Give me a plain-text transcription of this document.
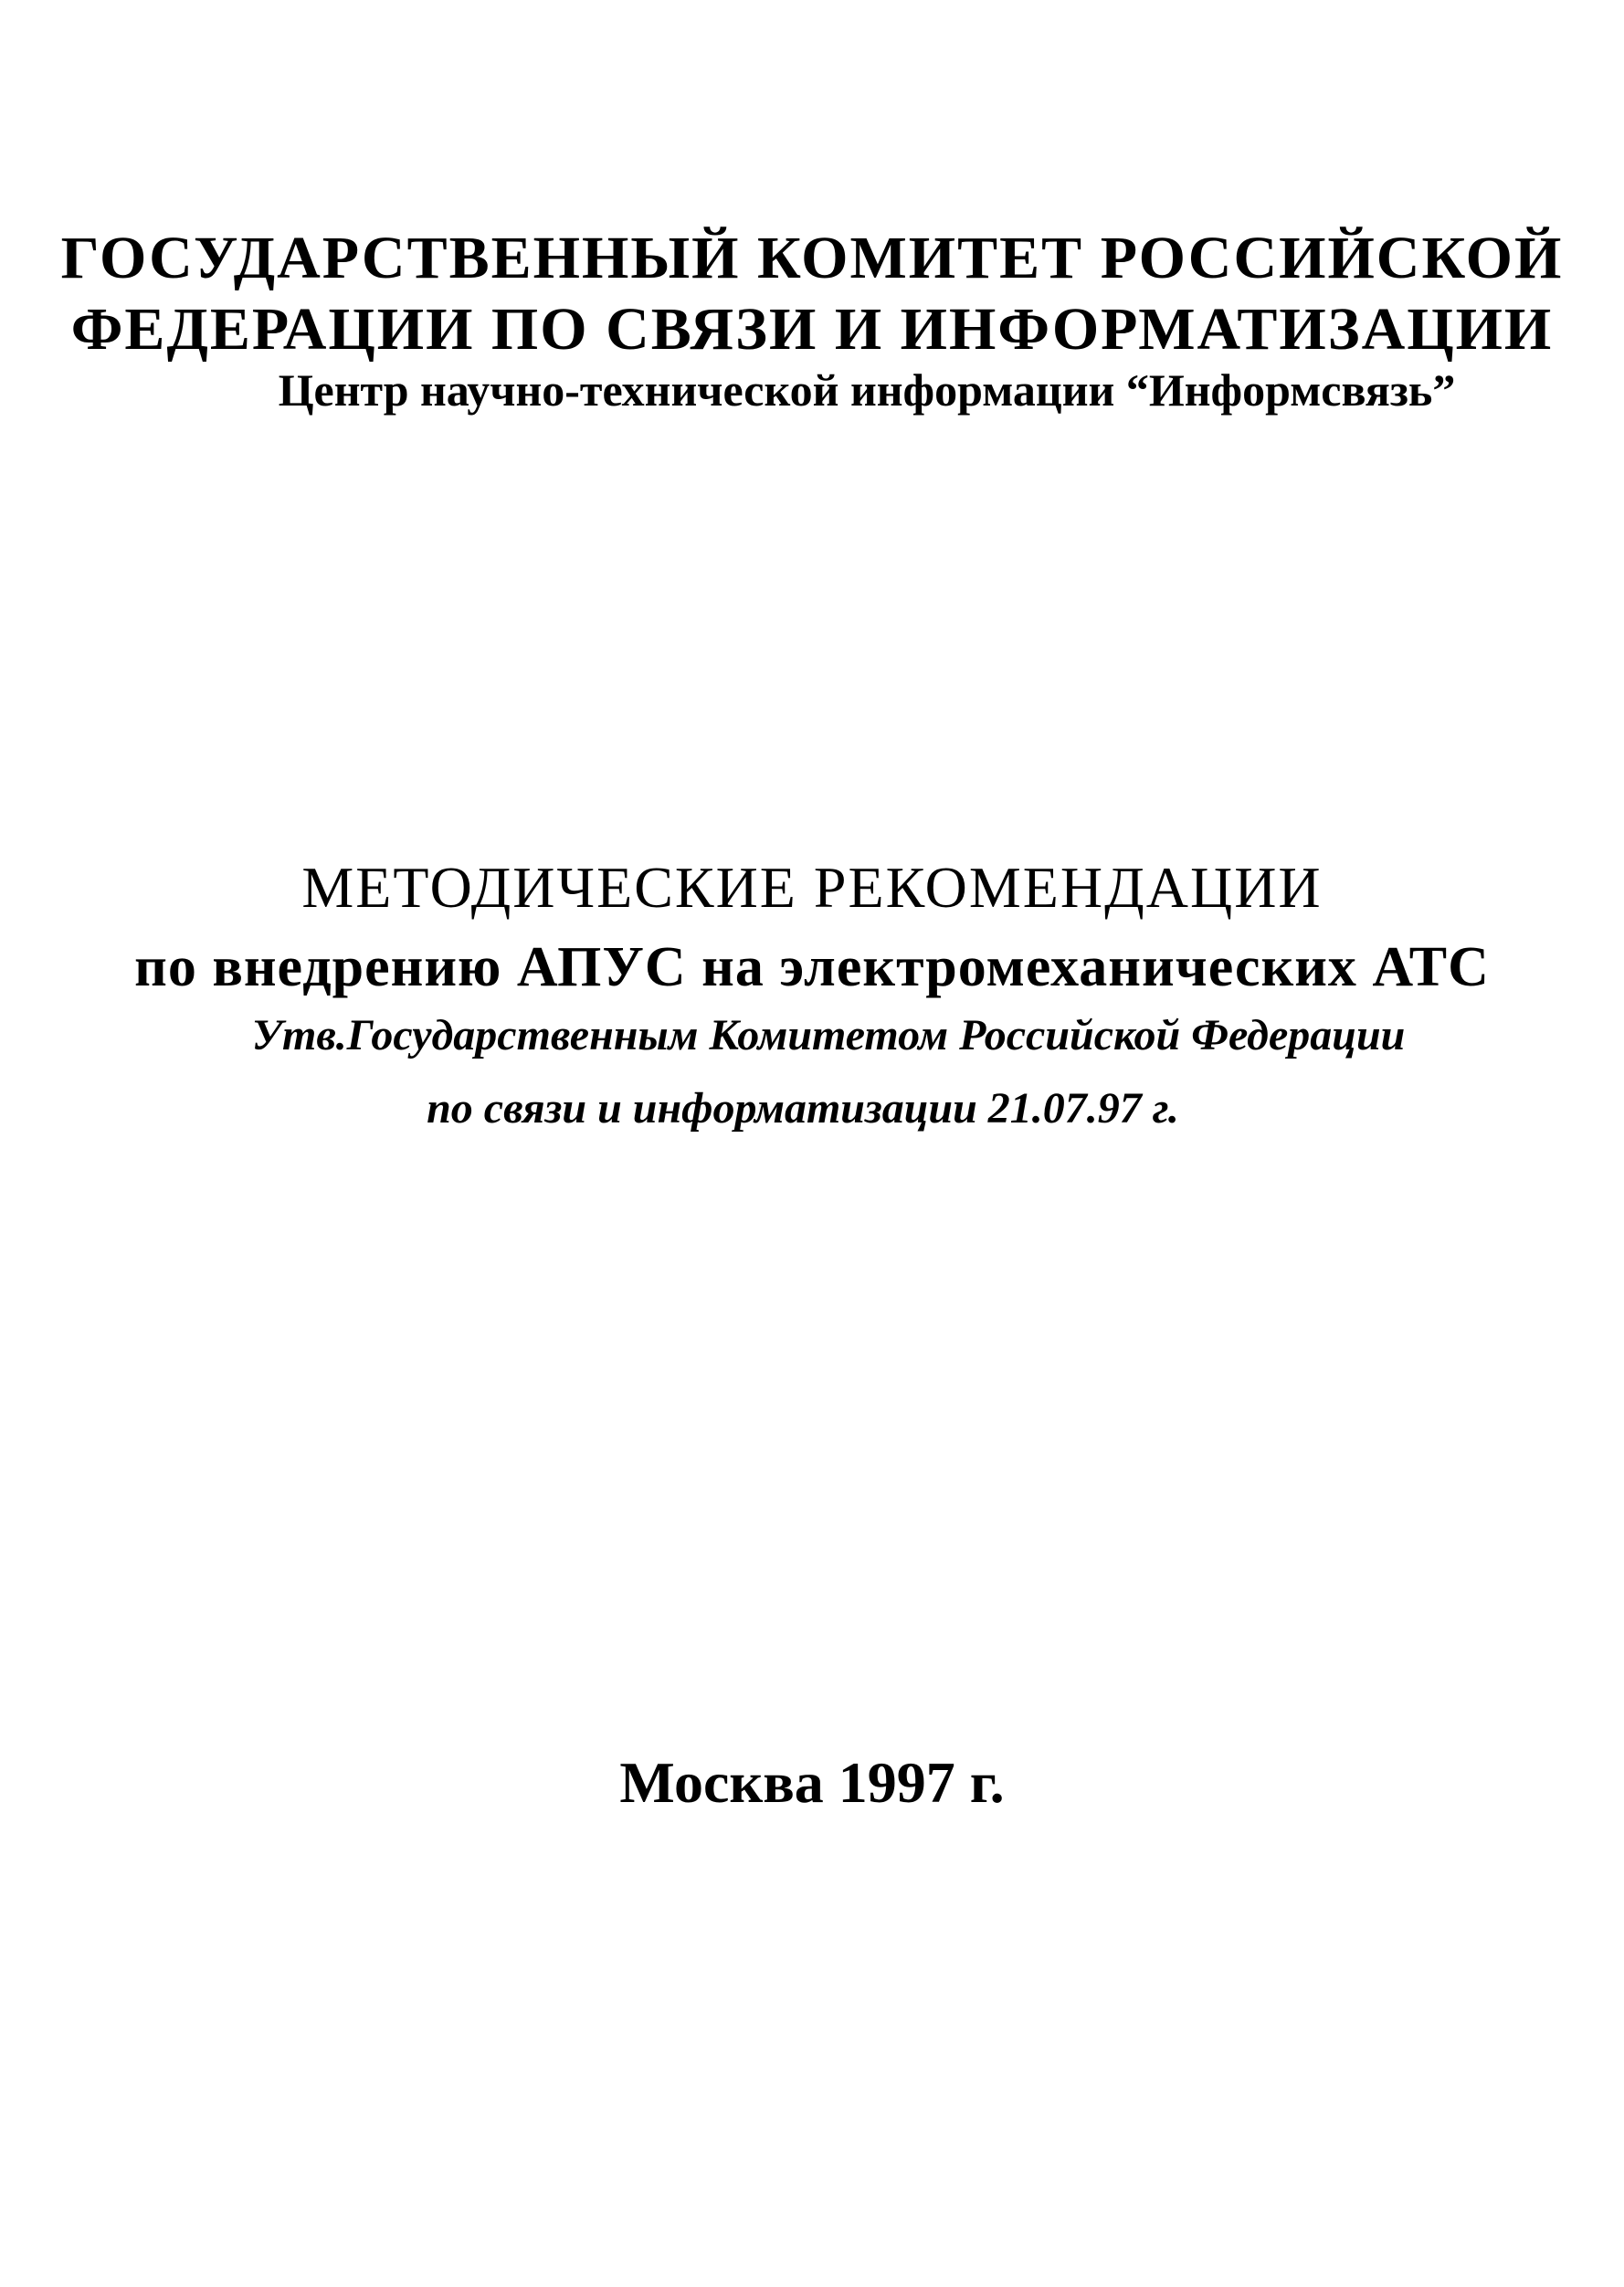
ГОСУДАРСТВЕННЫЙ КОМИТЕТ РОССИЙСКОЙ
ФЕДЕРАЦИИ ПО СВЯЗИ И ИНФОРМАТИЗАЦИИ
Центр научно-технической информации “Информсвязь”
МЕТОДИЧЕСКИЕ РЕКОМЕНДАЦИИ
по внедрению АПУС на электромеханических АТС
Утв.Государственным Комитетом Российской Федерации
по связи и информатизации 21.07.97 г.
Москва 1997 г.
